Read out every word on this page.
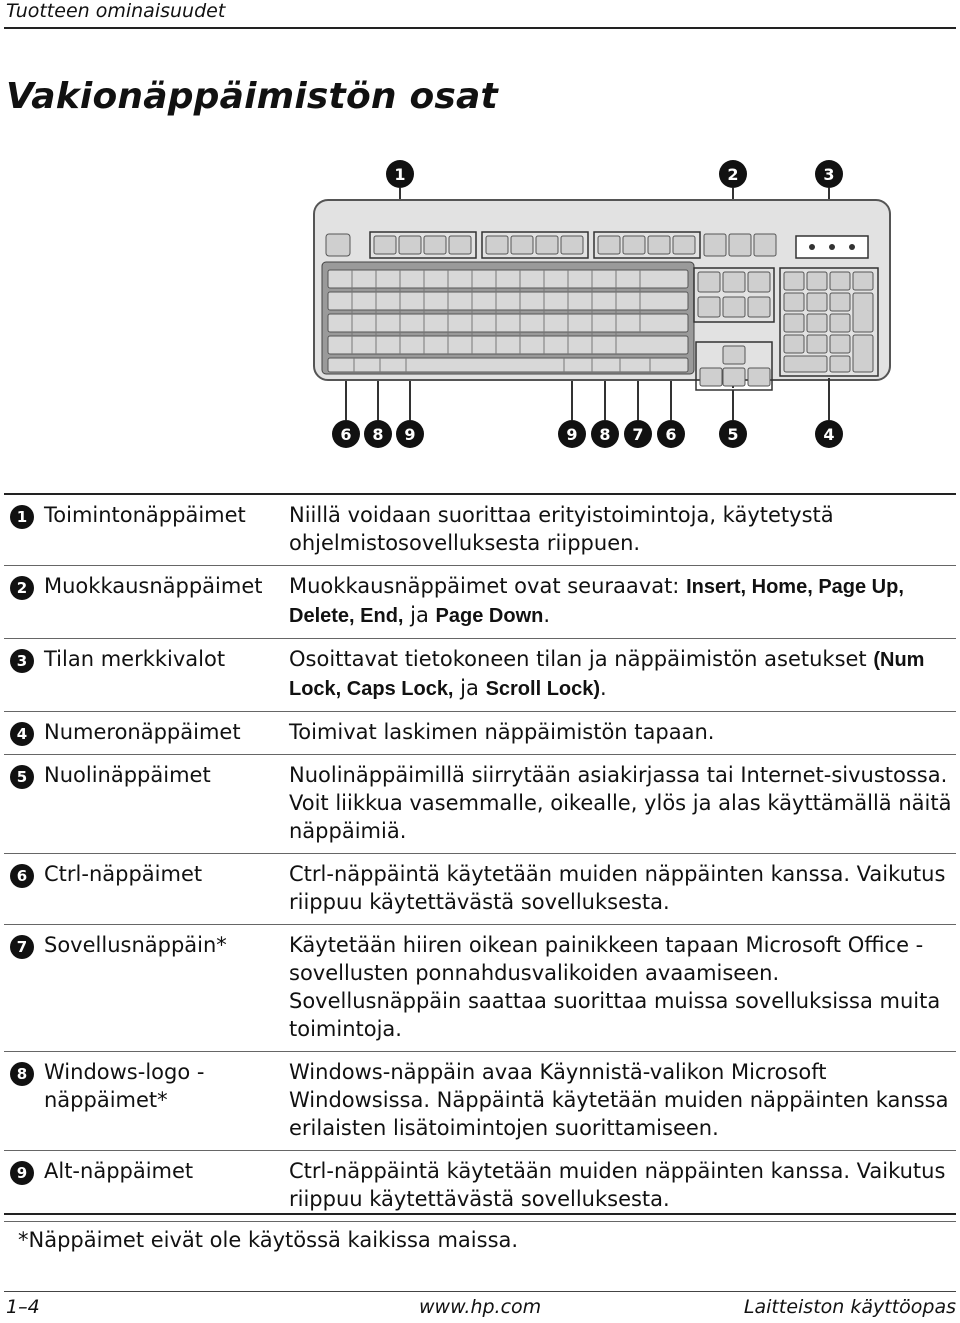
Tuotteen ominaisuudet
Vakionäppäimistön osat
1	2	3
6 8 9	9 8 7 6	5	4
1	Toimintonäppäimet	Niillä voidaan suorittaa erityistoimintoja, käytetystä ohjelmistosovelluksesta riippuen.
2	Muokkausnäppäimet	Muokkausnäppäimet ovat seuraavat: Insert, Home, Page Up, Delete, End, ja Page Down.
3	Tilan merkkivalot	Osoittavat tietokoneen tilan ja näppäimistön asetukset (Num Lock, Caps Lock, ja Scroll Lock).
4	Numeronäppäimet	Toimivat laskimen näppäimistön tapaan.
5	Nuolinäppäimet	Nuolinäppäimillä siirrytään asiakirjassa tai Internet-sivustossa. Voit liikkua vasemmalle, oikealle, ylös ja alas käyttämällä näitä näppäimiä.
6	Ctrl-näppäimet	Ctrl-näppäintä käytetään muiden näppäinten kanssa. Vaikutus riippuu käytettävästä sovelluksesta.
7	Sovellusnäppäin*	Käytetään hiiren oikean painikkeen tapaan Microsoft Office -sovellusten ponnahdusvalikoiden avaamiseen. Sovellusnäppäin saattaa suorittaa muissa sovelluksissa muita toimintoja.
8	Windows-logo -näppäimet*	Windows-näppäin avaa Käynnistä-valikon Microsoft Windowsissa. Näppäintä käytetään muiden näppäinten kanssa erilaisten lisätoimintojen suorittamiseen.
9	Alt-näppäimet	Ctrl-näppäintä käytetään muiden näppäinten kanssa. Vaikutus riippuu käytettävästä sovelluksesta.
*Näppäimet eivät ole käytössä kaikissa maissa.		
1–4	www.hp.com	Laitteiston käyttöopas
